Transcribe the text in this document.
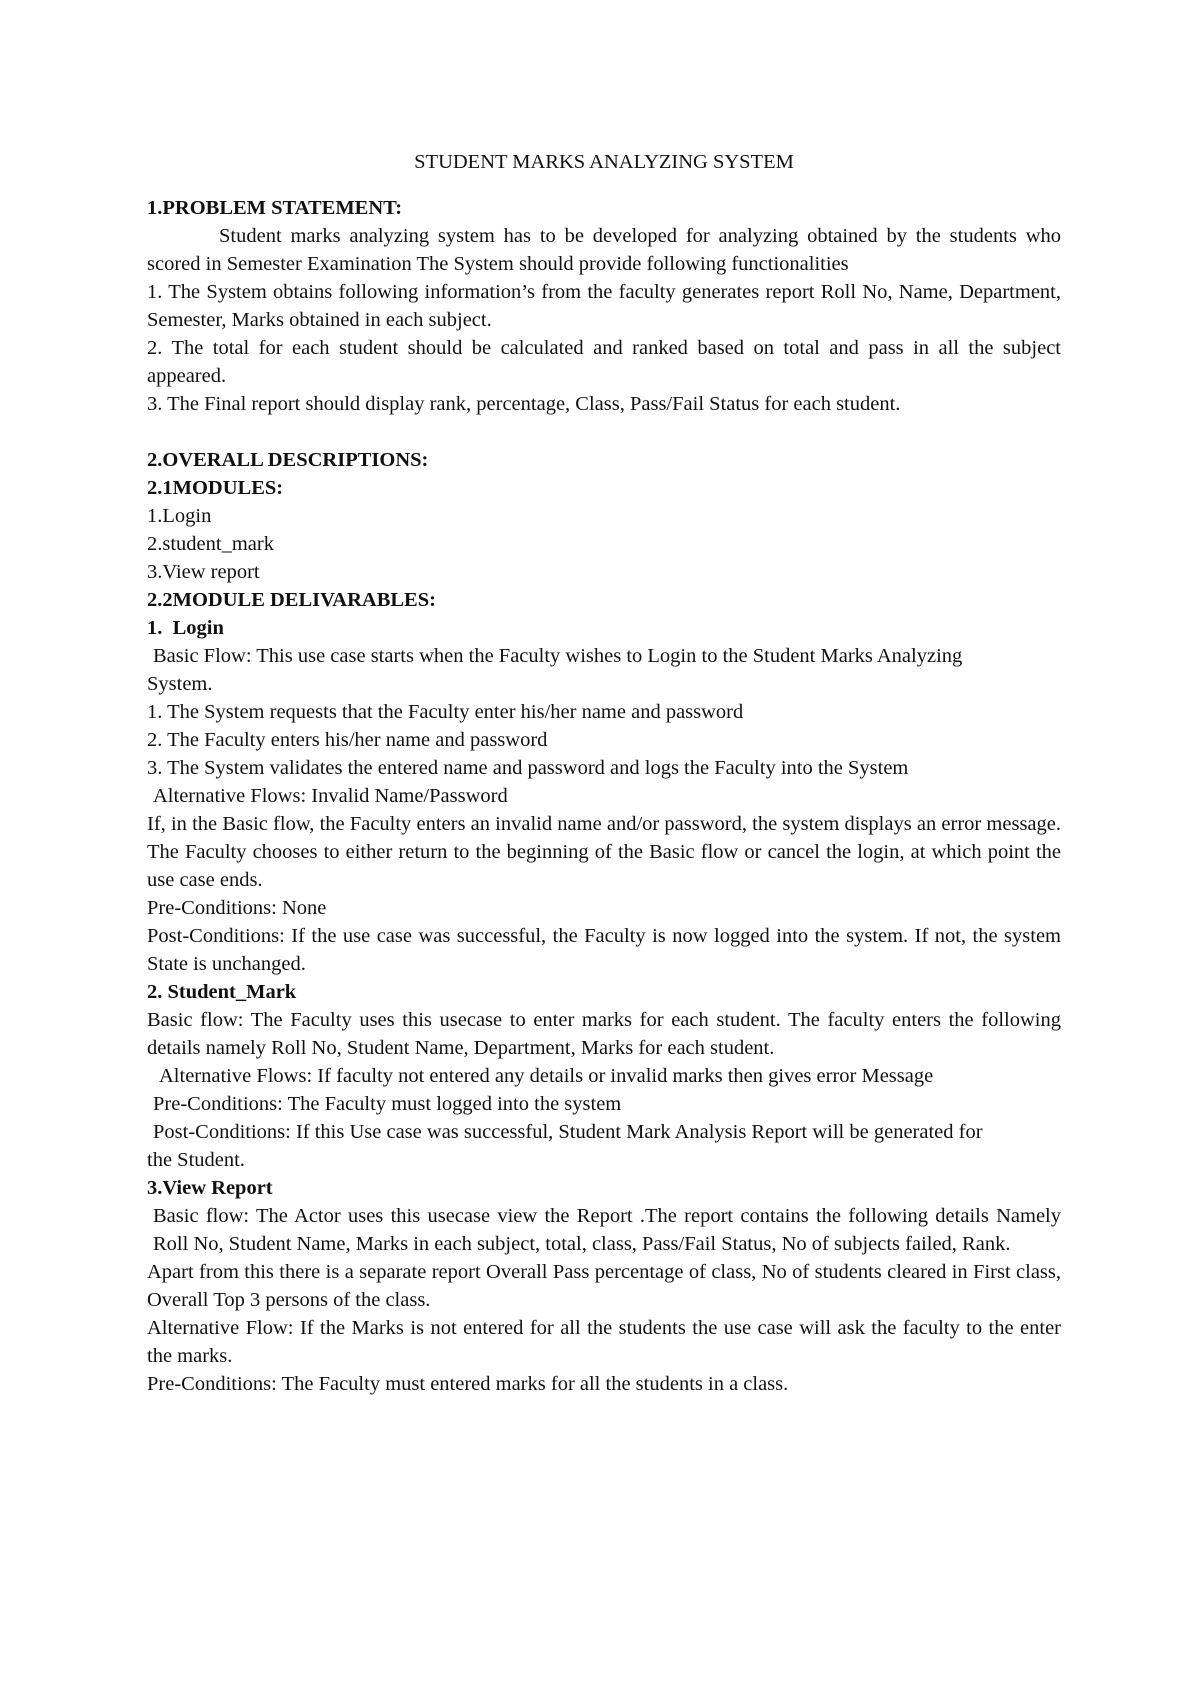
STUDENT MARKS ANALYZING SYSTEM

1.PROBLEM STATEMENT:

Student marks analyzing system has to be developed for analyzing obtained by the students who scored in Semester Examination The System should provide following functionalities

1. The System obtains following information’s from the faculty generates report Roll No, Name, Department, Semester, Marks obtained in each subject.

2. The total for each student should be calculated and ranked based on total and pass in all the subject appeared.

3. The Final report should display rank, percentage, Class, Pass/Fail Status for each student.

2.OVERALL DESCRIPTIONS:

2.1MODULES:

1.Login

2.student_mark

3.View report

2.2MODULE DELIVARABLES:

1.  Login

Basic Flow: This use case starts when the Faculty wishes to Login to the Student Marks Analyzing

System.

1. The System requests that the Faculty enter his/her name and password

2. The Faculty enters his/her name and password

3. The System validates the entered name and password and logs the Faculty into the System

Alternative Flows: Invalid Name/Password

If, in the Basic flow, the Faculty enters an invalid name and/or password, the system displays an error message. The Faculty chooses to either return to the beginning of the Basic flow or cancel the login, at which point the use case ends.

Pre-Conditions: None

Post-Conditions: If the use case was successful, the Faculty is now logged into the system. If not, the system State is unchanged.

2. Student_Mark

Basic flow: The Faculty uses this usecase to enter marks for each student. The faculty enters the following details namely Roll No, Student Name, Department, Marks for each student.

Alternative Flows: If faculty not entered any details or invalid marks then gives error Message

Pre-Conditions: The Faculty must logged into the system

Post-Conditions: If this Use case was successful, Student Mark Analysis Report will be generated for

the Student.

3.View Report

Basic flow: The Actor uses this usecase view the Report .The report contains the following details Namely Roll No, Student Name, Marks in each subject, total, class, Pass/Fail Status, No of subjects failed, Rank.

Apart from this there is a separate report Overall Pass percentage of class, No of students cleared in First class, Overall Top 3 persons of the class.

Alternative Flow: If the Marks is not entered for all the students the use case will ask the faculty to the enter the marks.

Pre-Conditions: The Faculty must entered marks for all the students in a class.
